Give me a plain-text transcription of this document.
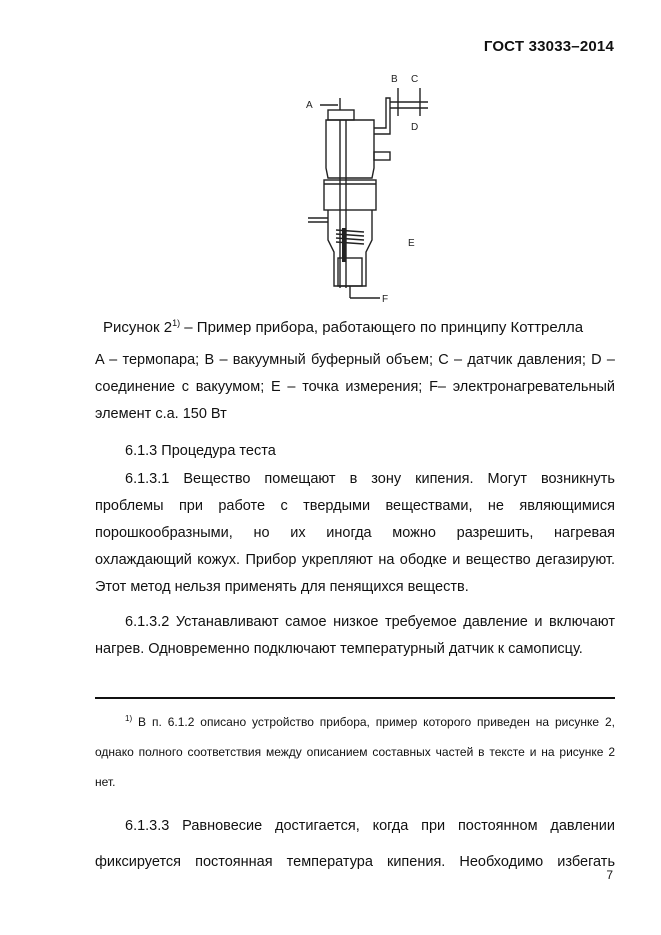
ГОСТ 33033–2014
A
B C
D
E
F
Рисунок 2$^{1)}$ – Пример прибора, работающего по принципу Коттрелла
A – термопара; B – вакуумный буферный объем; C – датчик давления; D – соединение с вакуумом; E – точка измерения; F– электронагревательный элемент с.а. 150 Вт
6.1.3 Процедура теста
6.1.3.1 Вещество помещают в зону кипения. Могут возникнуть проблемы при работе с твердыми веществами, не являющимися порошкообразными, но их иногда можно разрешить, нагревая охлаждающий кожух. Прибор укрепляют на ободке и вещество дегазируют. Этот метод нельзя применять для пенящихся веществ.
6.1.3.2 Устанавливают самое низкое требуемое давление и включают нагрев. Одновременно подключают температурный датчик к самописцу.
$^{1)}$ В п. 6.1.2 описано устройство прибора, пример которого приведен на рисунке 2, однако полного соответствия между описанием составных частей в тексте и на рисунке 2 нет.
6.1.3.3 Равновесие достигается, когда при постоянном давлении фиксируется постоянная температура кипения. Необходимо избегать
7
